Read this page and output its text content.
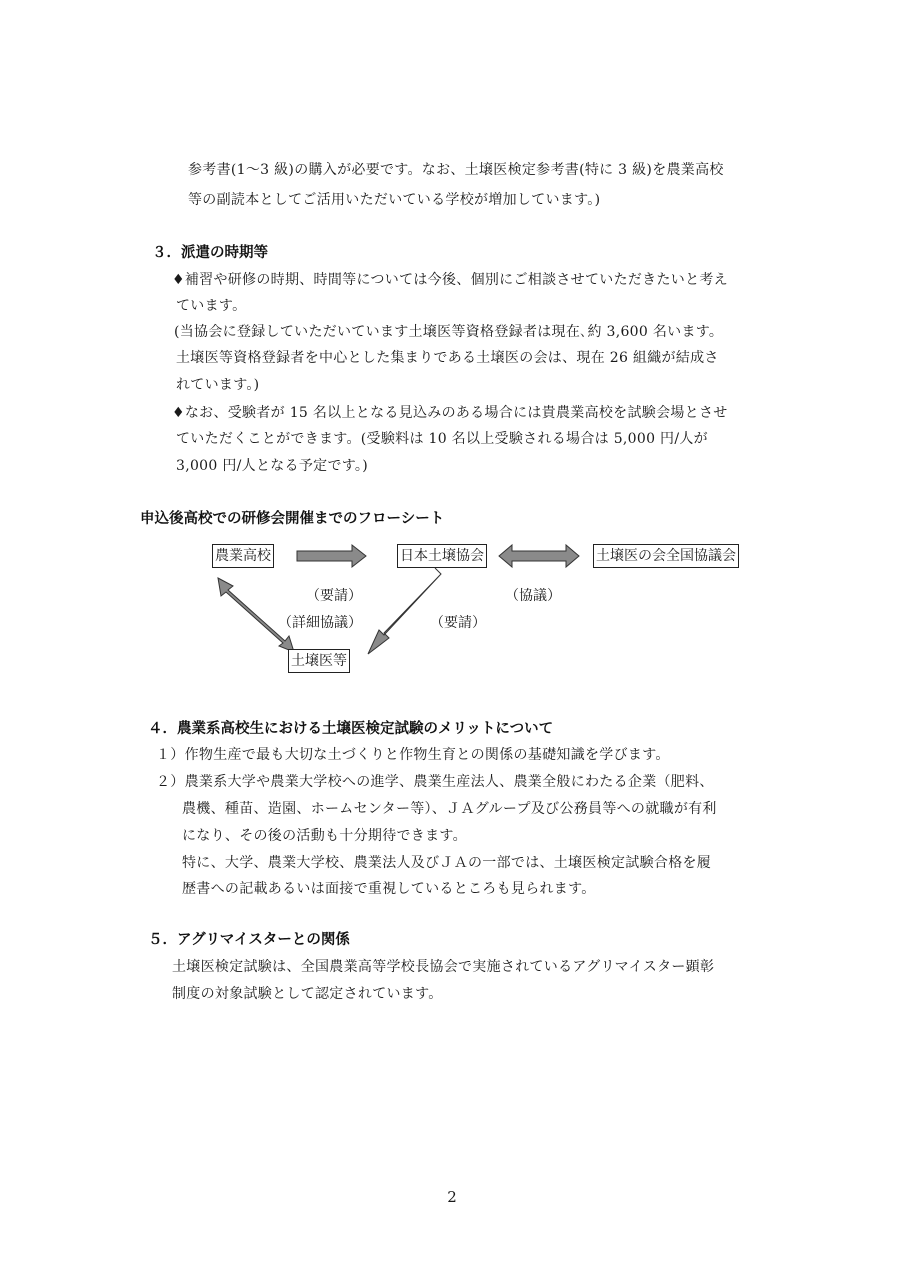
参考書(1〜3 級)の購入が必要です。なお、土壌医検定参考書(特に 3 級)を農業高校
等の副読本としてご活用いただいている学校が増加しています。)
３．派遣の時期等
♦補習や研修の時期、時間等については今後、個別にご相談させていただきたいと考え
ています。
(当協会に登録していただいています土壌医等資格登録者は現在､約 3,600 名います。
土壌医等資格登録者を中心とした集まりである土壌医の会は、現在 26 組織が結成さ
れています。)
♦なお、受験者が 15 名以上となる見込みのある場合には貴農業高校を試験会場とさせ
ていただくことができます。(受験料は 10 名以上受験される場合は 5,000 円/人が
3,000 円/人となる予定です。)
申込後高校での研修会開催までのフローシート
農業高校	日本土壌協会	土壌医の会全国協議会
土壌医等
（要請）
（詳細協議）	（要請）
（協議）
４．農業系高校生における土壌医検定試験のメリットについて
１）作物生産で最も大切な土づくりと作物生育との関係の基礎知識を学びます。
２）農業系大学や農業大学校への進学、農業生産法人、農業全般にわたる企業（肥料、
農機、種苗、造園、ホームセンター等）、ＪＡグループ及び公務員等への就職が有利
になり、その後の活動も十分期待できます。
特に、大学、農業大学校、農業法人及びＪＡの一部では、土壌医検定試験合格を履
歴書への記載あるいは面接で重視しているところも見られます。
５．アグリマイスターとの関係
土壌医検定試験は、全国農業高等学校長協会で実施されているアグリマイスター顕彰
制度の対象試験として認定されています。
2
